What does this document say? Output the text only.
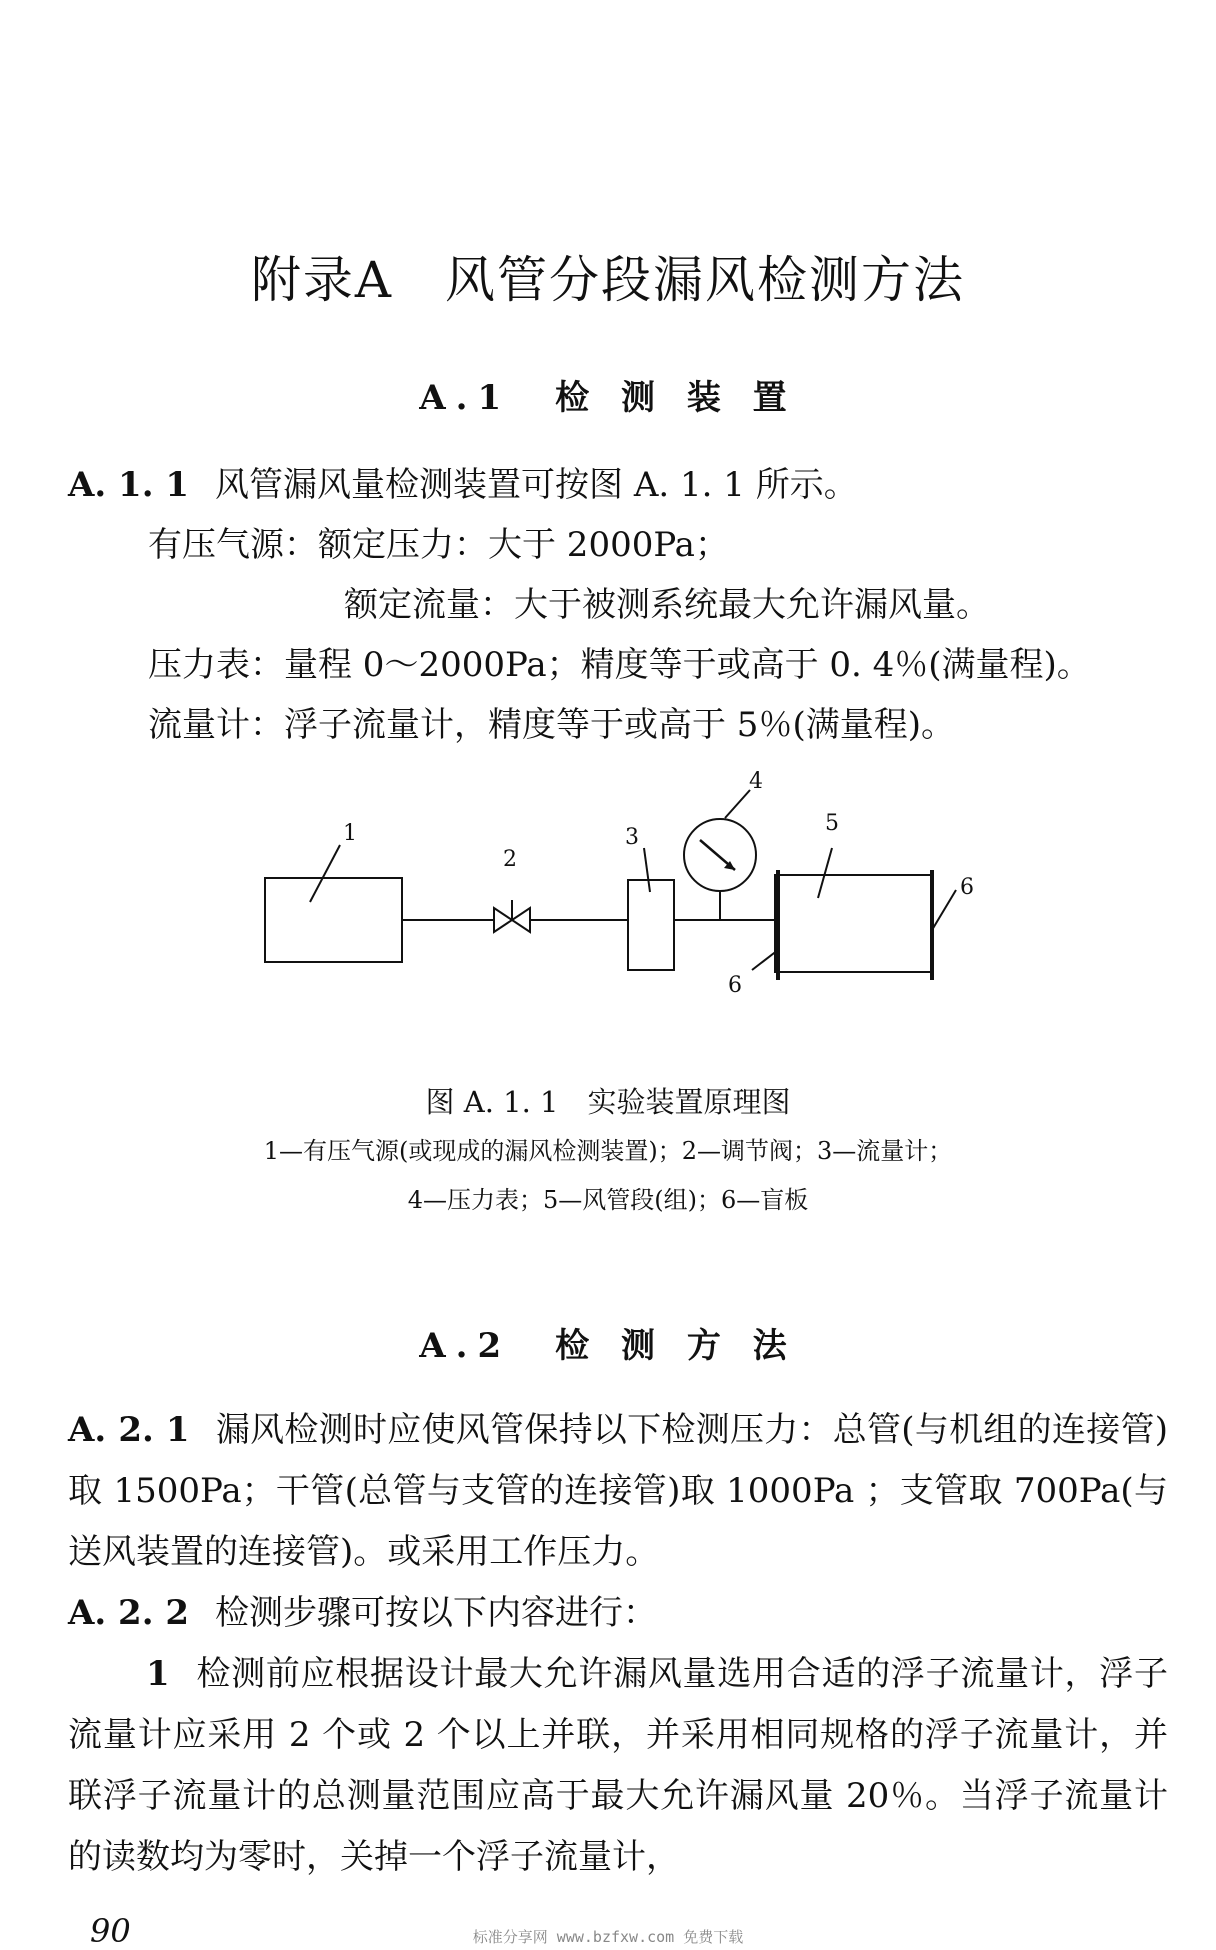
附录A　风管分段漏风检测方法
A.1　检 测 装 置
A. 1. 1 风管漏风量检测装置可按图 A. 1. 1 所示。
有压气源：额定压力：大于 2000Pa；
额定流量：大于被测系统最大允许漏风量。
压力表：量程 0～2000Pa；精度等于或高于 0. 4％(满量程)。
流量计：浮子流量计，精度等于或高于 5％(满量程)。
1
2
3
4
5
6
6
图 A. 1. 1　实验装置原理图
1—有压气源(或现成的漏风检测装置)；2—调节阀；3—流量计；
4—压力表；5—风管段(组)；6—盲板
A.2　检 测 方 法
A. 2. 1 漏风检测时应使风管保持以下检测压力：总管(与机组的连接管)取 1500Pa；干管(总管与支管的连接管)取 1000Pa ；支管取 700Pa(与送风装置的连接管)。或采用工作压力。
A. 2. 2 检测步骤可按以下内容进行：
1 检测前应根据设计最大允许漏风量选用合适的浮子流量计，浮子流量计应采用 2 个或 2 个以上并联，并采用相同规格的浮子流量计，并联浮子流量计的总测量范围应高于最大允许漏风量 20％。当浮子流量计的读数均为零时，关掉一个浮子流量计，
90	标准分享网 www.bzfxw.com 免费下载
